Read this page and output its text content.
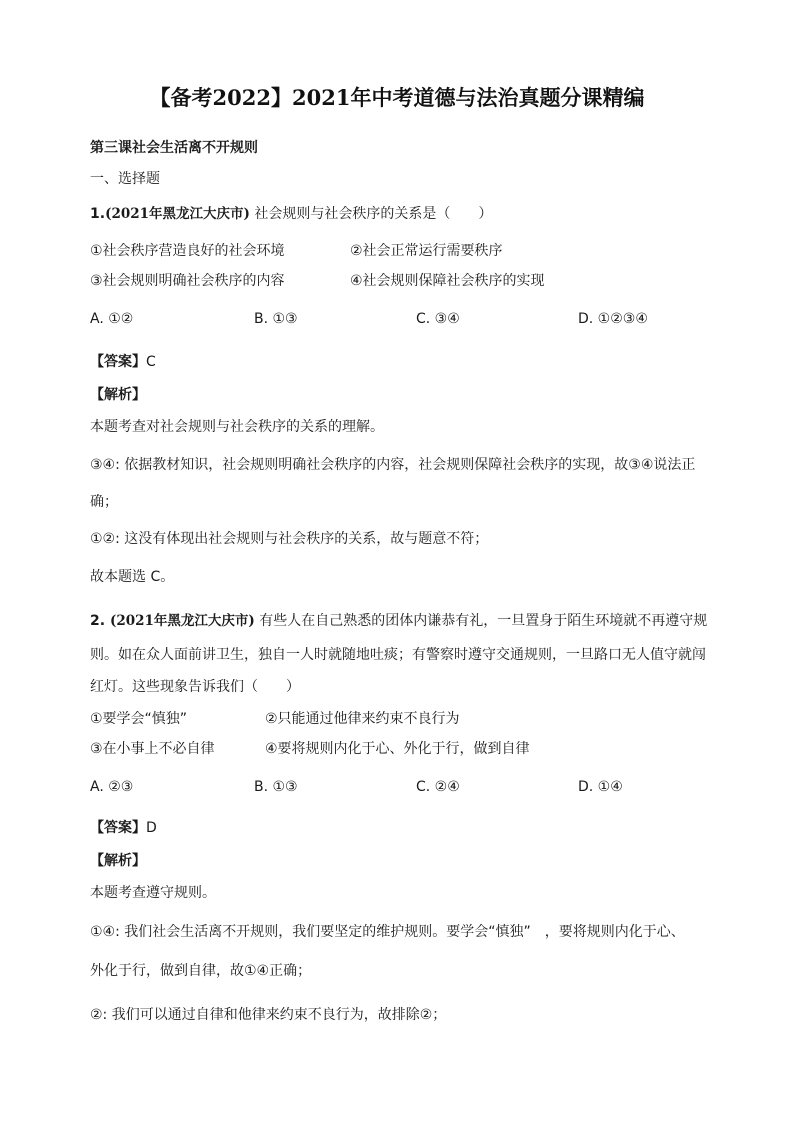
【备考2022】2021年中考道德与法治真题分课精编
第三课社会生活离不开规则
一、选择题
1.(2021年黑龙江大庆市) 社会规则与社会秩序的关系是（　　）
①社会秩序营造良好的社会环境	②社会正常运行需要秩序
③社会规则明确社会秩序的内容	④社会规则保障社会秩序的实现
A. ①②	B. ①③	C. ③④	D. ①②③④
【答案】C
【解析】
本题考查对社会规则与社会秩序的关系的理解。
③④: 依据教材知识，社会规则明确社会秩序的内容，社会规则保障社会秩序的实现，故③④说法正
确；
①②: 这没有体现出社会规则与社会秩序的关系，故与题意不符；
故本题选 C。
2. (2021年黑龙江大庆市) 有些人在自己熟悉的团体内谦恭有礼，一旦置身于陌生环境就不再遵守规
则。如在众人面前讲卫生，独自一人时就随地吐痰；有警察时遵守交通规则，一旦路口无人值守就闯
红灯。这些现象告诉我们（　　）
①要学会“慎独”	②只能通过他律来约束不良行为
③在小事上不必自律	④要将规则内化于心、外化于行，做到自律
A. ②③	B. ①③	C. ②④	D. ①④
【答案】D
【解析】
本题考查遵守规则。
①④: 我们社会生活离不开规则，我们要坚定的维护规则。要学会“慎独”　，要将规则内化于心、
外化于行，做到自律，故①④正确；
②: 我们可以通过自律和他律来约束不良行为，故排除②；
